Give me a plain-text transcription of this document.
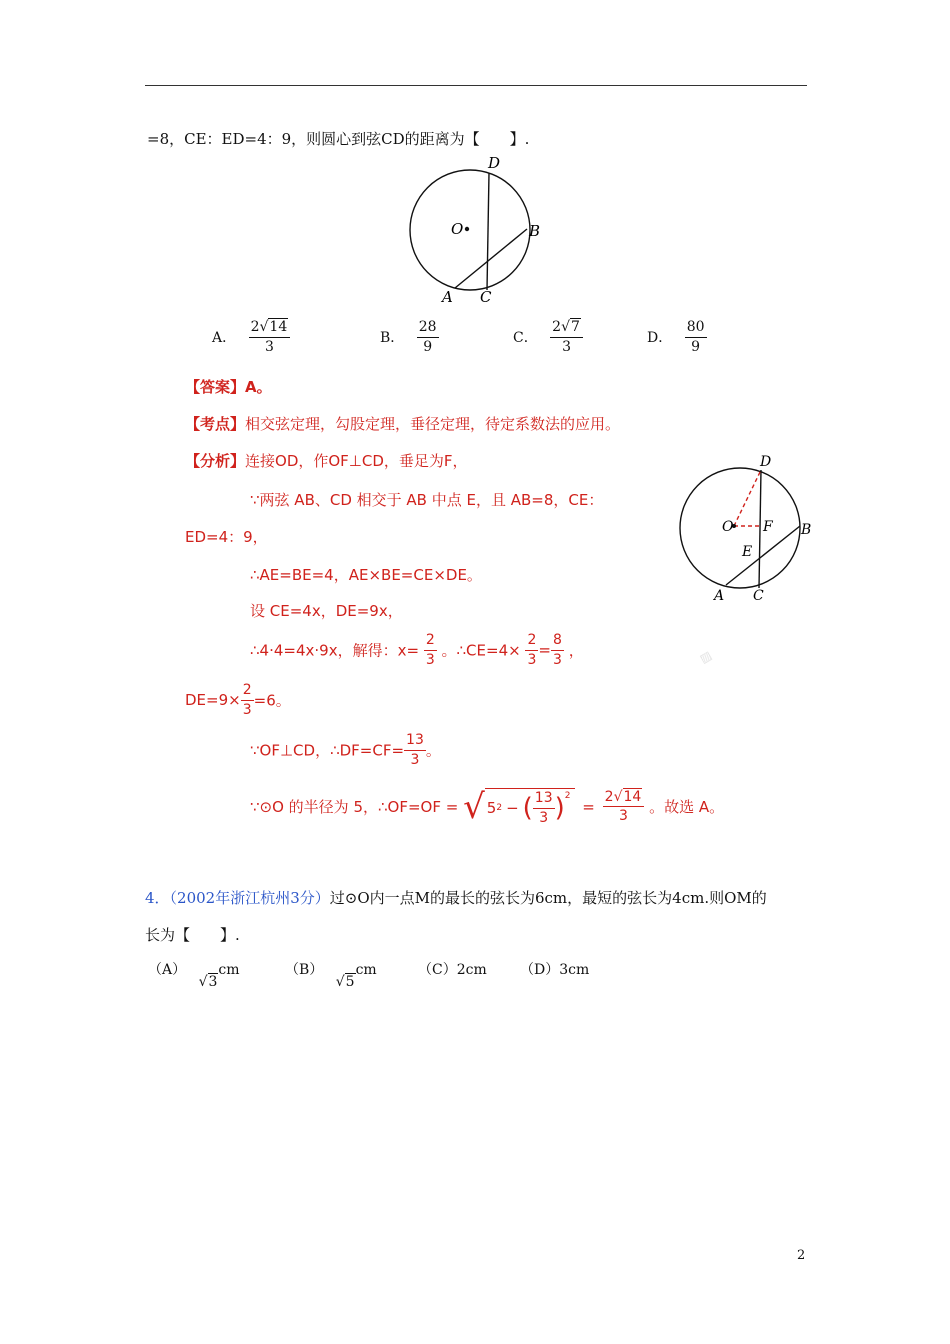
=8，CE：ED=4：9，则圆心到弦CD的距离为【　　】.
D
O	B
A C
A． $\frac{2√14}{3}$	B． $\frac{28}{9}$	C． $\frac{2√7}{3}$	D． $\frac{80}{9}$
▨
【答案】A。
【考点】相交弦定理，勾股定理，垂径定理，待定系数法的应用。
【分析】连接OD，作OF⊥CD，垂足为F，
∵两弦 AB、CD 相交于 AB 中点 E，且 AB=8，CE：
ED=4：9，
∴AE=BE=4，AE×BE=CE×DE。
设 CE=4x，DE=9x，
∴4·4=4x·9x，解得：$x= \frac{2}{3}$ 。∴CE=4× $\frac{2}{3} = \frac{8}{3}$ ，
$DE=9\times \frac{2}{3} =6$。
∵OF⊥CD，∴DF=CF= $\frac{13}{3}$ 。
∵⊙O 的半径为 5，∴OF=OF = √ 5 2 − ( $\frac{13}{3} )^2$
= $\frac{2√14}{3}$ 。故选 A。
D
O F B
E
A C
4．（2002年浙江杭州3分）过⊙O内一点M的最长的弦长为6cm，最短的弦长为4cm.则OM的
长为【　　】.
（A） √3cm	（B） √5cm	（C）2cm （D）3cm
2
